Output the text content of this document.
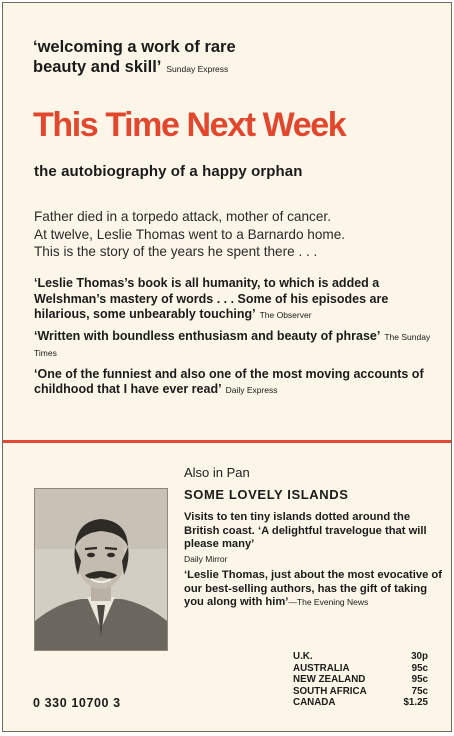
‘welcoming a work of rare
beauty and skill’ Sunday Express
This Time Next Week
the autobiography of a happy orphan
Father died in a torpedo attack, mother of cancer.
At twelve, Leslie Thomas went to a Barnardo home.
This is the story of the years he spent there . . .
‘Leslie Thomas’s book is all humanity, to which is added a Welshman’s mastery of words . . . Some of his episodes are hilarious, some unbearably touching’ The Observer
‘Written with boundless enthusiasm and beauty of phrase’ The Sunday Times
‘One of the funniest and also one of the most moving accounts of childhood that I have ever read’ Daily Express
Also in Pan
SOME LOVELY ISLANDS
Visits to ten tiny islands dotted around the British coast. ‘A delightful travelogue that will please many’
Daily Mirror
‘Leslie Thomas, just about the most evocative of our best-selling authors, has the gift of taking you along with him’—The Evening News
U.K.	30p
AUSTRALIA	95c
NEW ZEALAND	95c
SOUTH AFRICA	75c
CANADA	$1.25
0 330 10700 3
